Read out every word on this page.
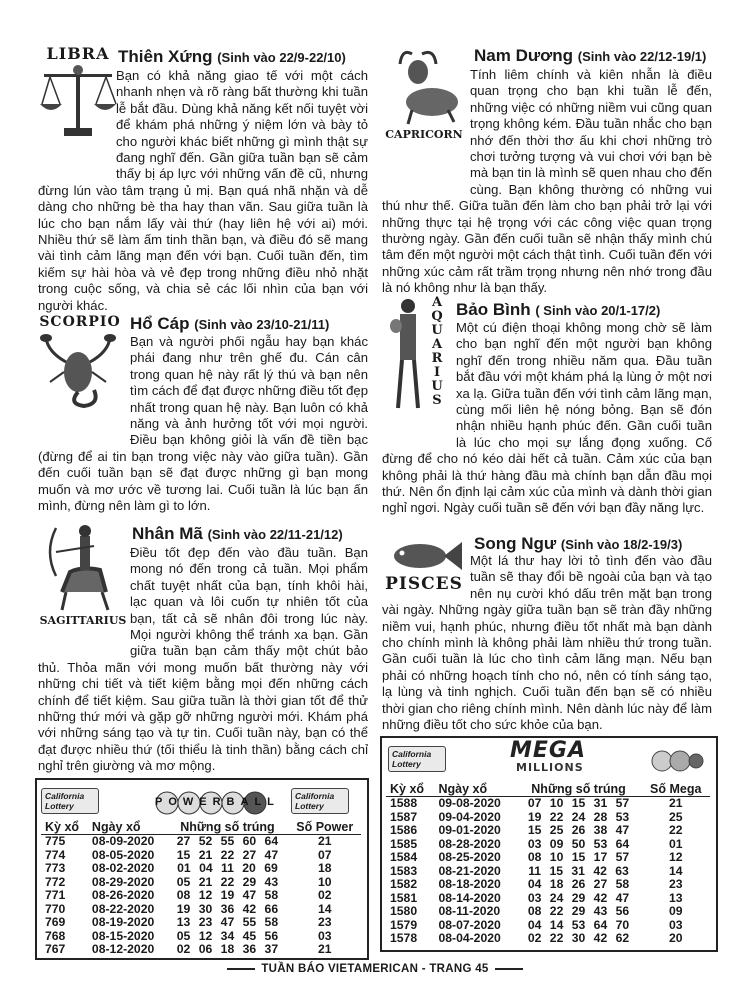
LIBRA Thiên Xứng (Sinh vào 22/9-22/10)
SCORPIO Hổ Cáp (Sinh vào 23/10-21/11)
SAGITTARIUS
Nhân Mã (Sinh vào 22/11-21/12)
CAPRICORN
Nam Dương (Sinh vào 22/12-19/1)
AQUARIUS
Bảo Bình ( Sinh vào 20/1-17/2)
PISCES
Song Ngư (Sinh vào 18/2-19/3)
Bạn có khả năng giao tế với một cách nhanh nhẹn và rõ ràng bất thường khi tuần lễ bắt đầu. Dùng khả năng kết nối tuyệt vời để khám phá những ý niệm lớn và bày tỏ cho người khác biết những gì mình thật sự đang nghĩ đến. Gần giữa tuần bạn sẽ cảm thấy bị áp lực với những vấn đề cũ, nhưng đừng lún vào tâm trạng ủ mị. Bạn quá nhã nhặn và dễ dàng cho những bè tha hay than vãn. Sau giữa tuần là lúc cho bạn nắm lấy vài thứ (hay liên hệ với ai) mới. Nhiều thứ sẽ làm ấm tinh thần bạn, và điều đó sẽ mang vài tình cảm lãng mạn đến với bạn. Cuối tuần đến, tìm kiếm sự hài hòa và vẻ đẹp trong những điều nhỏ nhặt trong cuộc sống, và chia sẻ các lối nhìn của bạn với người khác.
Bạn và người phối ngẫu hay bạn khác phái đang như trên ghế đu. Cán cân trong quan hệ này rất lý thú và bạn nên tìm cách để đạt được những điều tốt đẹp nhất trong quan hệ này. Bạn luôn có khả năng và ảnh hưởng tốt với mọi người. Điều bạn không giỏi là vấn đề tiền bạc (đừng để ai tin bạn trong việc này vào giữa tuần). Gần đến cuối tuần bạn sẽ đạt được những gì bạn mong muốn và mơ ước về tương lai. Cuối tuần là lúc bạn ấn mình, đừng nên làm gì to lớn.
Điều tốt đẹp đến vào đầu tuần. Bạn mong nó đến trong cả tuần. Mọi phẩm chất tuyệt nhất của bạn, tính khôi hài, lạc quan và lôi cuốn tự nhiên tốt của bạn, tất cả sẽ nhân đôi trong lúc này. Mọi người không thể tránh xa bạn. Gần giữa tuần bạn cảm thấy một chút bảo thủ. Thỏa mãn với mong muốn bất thường này với những chi tiết và tiết kiệm bằng mọi đến những cách chính để tiết kiệm. Sau giữa tuần là thời gian tốt để thử những thứ mới và gặp gỡ những người mới. Khám phá với những sáng tạo và tự tin. Cuối tuần này, bạn có thể đạt được nhiều thứ (tối thiểu là tinh thần) bằng cách chỉ nghỉ trên giường và mơ mộng.
Tính liêm chính và kiên nhẫn là điều quan trọng cho bạn khi tuần lễ đến, những việc có những niềm vui cũng quan trọng không kém. Đầu tuần nhắc cho bạn nhớ đến thời thơ ấu khi chơi những trò chơi tưởng tượng và vui chơi với bạn bè mà bạn tin là mình sẽ quen nhau cho đến cùng. Bạn không thường có những vui thú như thế. Giữa tuần đến làm cho bạn phải trở lại với những thực tại hệ trọng với các công việc quan trọng thường ngày. Gần đến cuối tuần sẽ nhận thấy mình chú tâm đến một người một cách thật tình. Cuối tuần đến với những xúc cảm rất trầm trọng nhưng nên nhớ trong đầu là nó không như là bạn thấy.
Một cú điện thoại không mong chờ sẽ làm cho bạn nghĩ đến một người bạn không nghĩ đến trong nhiều năm qua. Đầu tuần bắt đầu với một khám phá lạ lùng ở một nơi xa lạ. Giữa tuần đến với tình cảm lãng mạn, cùng mối liên hệ nóng bỏng. Bạn sẽ đón nhận nhiều hạnh phúc đến. Gần cuối tuần là lúc cho mọi sự lắng đọng xuống. Cố đừng để cho nó kéo dài hết cả tuần. Cảm xúc của bạn không phải là thứ hàng đầu mà chính bạn dẫn đầu mọi thứ. Nên ổn định lại cảm xúc của mình và dành thời gian nghỉ ngơi. Ngày cuối tuần sẽ đến với bạn đầy năng lực.
Một lá thư hay lời tỏ tình đến vào đầu tuần sẽ thay đổi bề ngoài của bạn và tạo nên nụ cười khó dấu trên mặt bạn trong vài ngày. Những ngày giữa tuần bạn sẽ tràn đầy những niềm vui, hạnh phúc, nhưng điều tốt nhất mà bạn dành cho chính mình là không phải làm nhiều thứ trong tuần. Gần cuối tuần là lúc cho tình cảm lãng mạn. Nếu bạn phải có những hoạch tính cho nó, nên có tính sáng tạo, lạ lùng và tinh nghịch. Cuối tuần đến bạn sẽ có nhiều thời gian cho riêng chính mình. Nên dành lúc này để làm những điều tốt cho sức khỏe của bạn.
California Lottery	POWERBALL	California Lottery
Kỳ xổ	Ngày xổ	Những số trúng	Số Power
775	08-09-2020	27 52 55 60 64	21
774	08-05-2020	15 21 22 27 47	07
773	08-02-2020	01 04 11 20 69	18
772	08-29-2020	05 21 22 29 43	10
771	08-26-2020	08 12 19 47 58	02
770	08-22-2020	19 30 36 42 66	14
769	08-19-2020	13 23 47 55 58	23
768	08-15-2020	05 12 34 45 56	03
767	08-12-2020	02 06 18 36 37	21
California Lottery
MEGA
MILLIONS
Kỳ xổ	Ngày xổ	Những số trúng	Số Mega
1588	09-08-2020	07 10 15 31 57	21
1587	09-04-2020	19 22 24 28 53	25
1586	09-01-2020	15 25 26 38 47	22
1585	08-28-2020	03 09 50 53 64	01
1584	08-25-2020	08 10 15 17 57	12
1583	08-21-2020	11 15 31 42 63	14
1582	08-18-2020	04 18 26 27 58	23
1581	08-14-2020	03 24 29 42 47	13
1580	08-11-2020	08 22 29 43 56	09
1579	08-07-2020	04 14 53 64 70	03
1578	08-04-2020	02 22 30 42 62	20
TUẦN BÁO VIETAMERICAN - TRANG 45
